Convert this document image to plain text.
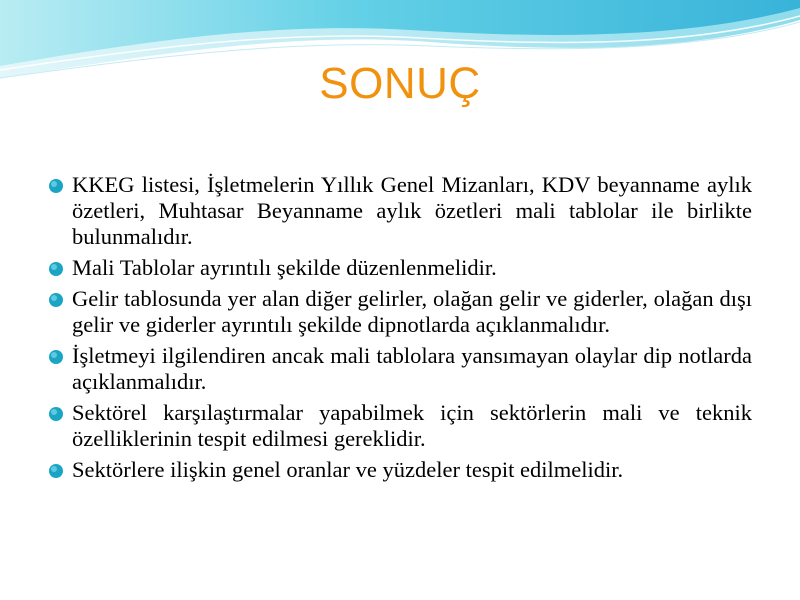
SONUÇ
KKEG listesi, İşletmelerin Yıllık Genel Mizanları, KDV beyanname aylık özetleri, Muhtasar Beyanname aylık özetleri mali tablolar ile birlikte bulunmalıdır.
Mali Tablolar ayrıntılı şekilde düzenlenmelidir.
Gelir tablosunda yer alan diğer gelirler, olağan gelir ve giderler, olağan dışı gelir ve giderler ayrıntılı şekilde dipnotlarda açıklanmalıdır.
İşletmeyi ilgilendiren ancak mali tablolara yansımayan olaylar dip notlarda açıklanmalıdır.
Sektörel karşılaştırmalar yapabilmek için sektörlerin mali ve teknik özelliklerinin tespit edilmesi gereklidir.
Sektörlere ilişkin genel oranlar ve yüzdeler tespit edilmelidir.
